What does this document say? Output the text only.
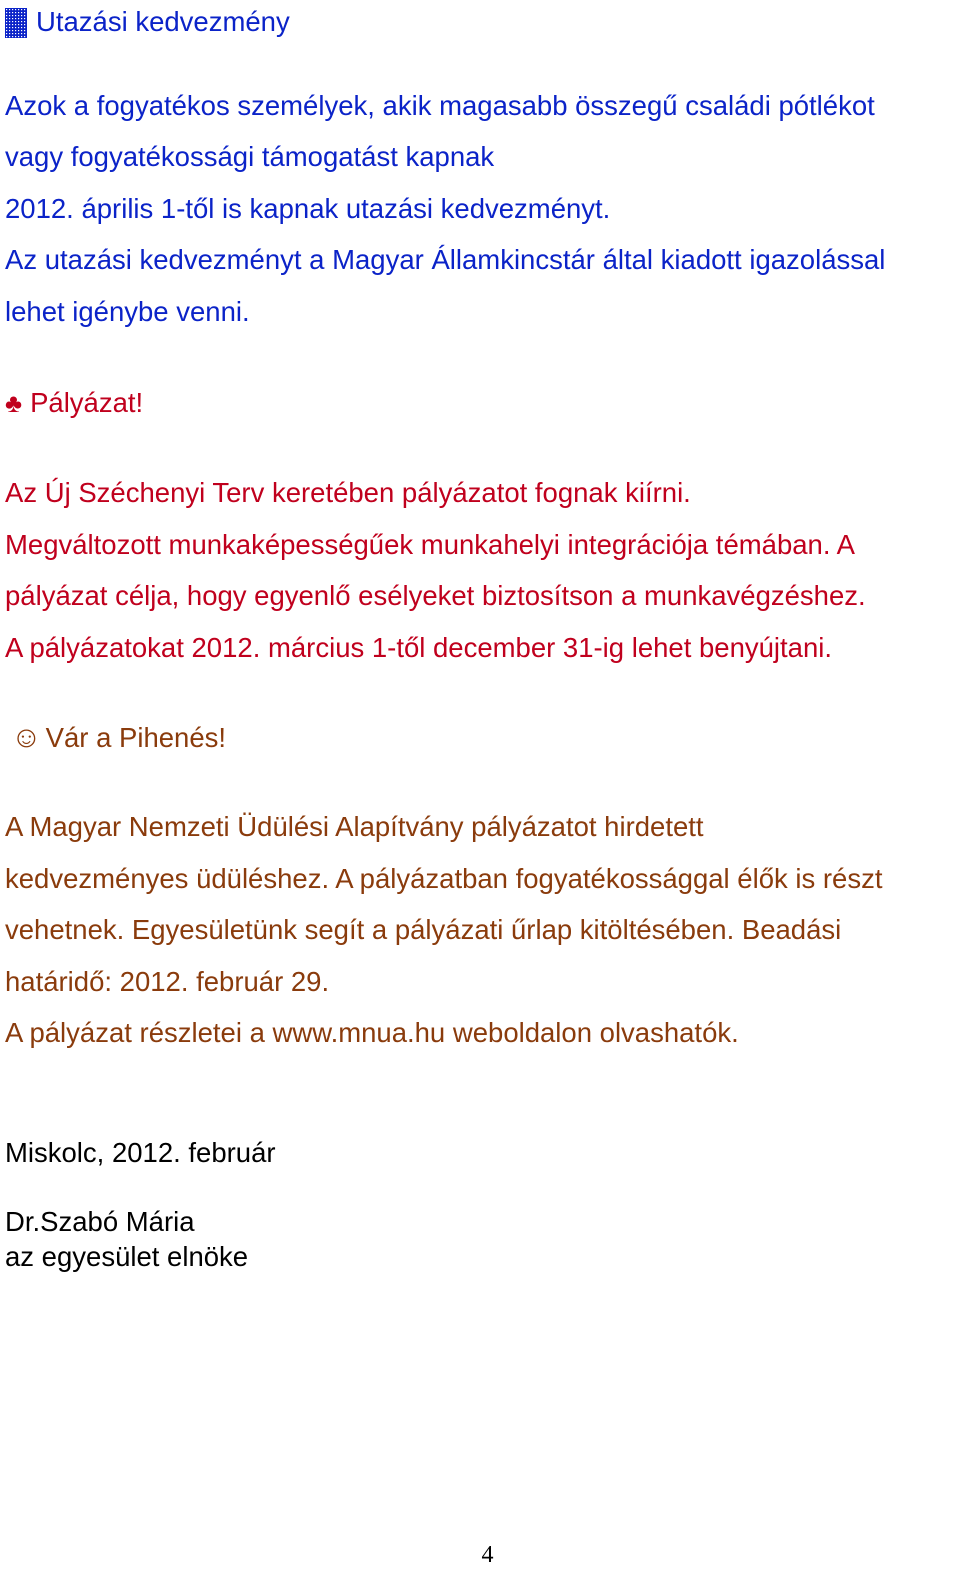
Utazási kedvezmény
Azok a fogyatékos személyek, akik magasabb összegű családi pótlékot
vagy fogyatékossági támogatást kapnak
2012. április 1-től is kapnak utazási kedvezményt.
Az utazási kedvezményt a Magyar Államkincstár által kiadott igazolással
lehet igénybe venni.
♣ Pályázat!
Az Új Széchenyi Terv keretében pályázatot fognak kiírni.
Megváltozott munkaképességűek munkahelyi integrációja témában. A
pályázat célja, hogy egyenlő esélyeket biztosítson a munkavégzéshez.
A pályázatokat 2012. március 1-től december 31-ig lehet benyújtani.
☺ Vár a Pihenés!
A Magyar Nemzeti Üdülési Alapítvány pályázatot hirdetett
kedvezményes üdüléshez. A pályázatban fogyatékossággal élők is részt
vehetnek. Egyesületünk segít a pályázati űrlap kitöltésében. Beadási
határidő: 2012. február 29.
A pályázat részletei a www.mnua.hu weboldalon olvashatók.
Miskolc, 2012. február
Dr.Szabó Mária
az egyesület elnöke
4
